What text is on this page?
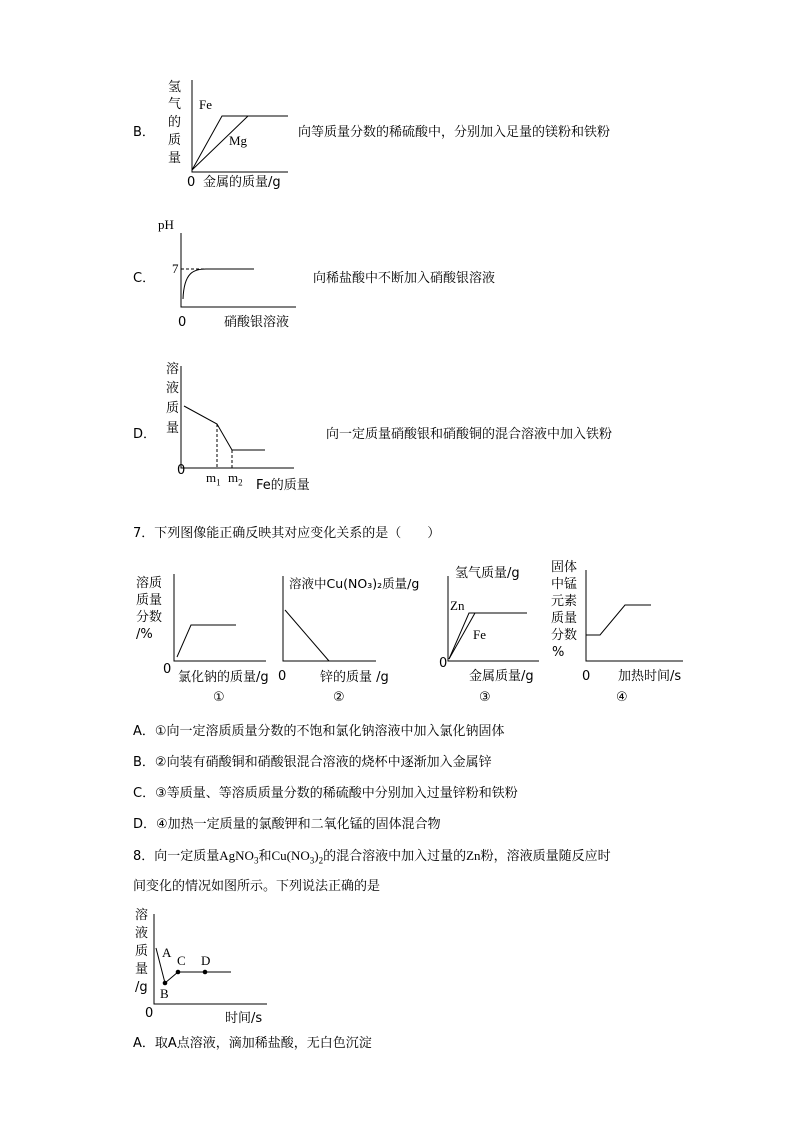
B．
氢
气
的
质
量
Fe
Mg
0 金属的质量/g
向等质量分数的稀硫酸中，分别加入足量的镁粉和铁粉
C．
pH
7
0	硝酸银溶液
向稀盐酸中不断加入硝酸银溶液
D．
溶
液
质
量
0 $m_1$ $m_2$ Fe的质量
向一定质量硝酸银和硝酸铜的混合溶液中加入铁粉
7．下列图像能正确反映其对应变化关系的是（　　）
溶质
质量
分数
/%
0
氯化钠的质量/g
①
溶液中Cu(NO₃)₂质量/g
0	锌的质量 /g
②
氢气质量/g
Zn
Fe
0
金属质量/g
③
固体
中锰
元素
质量
分数
%
0 加热时间/s
④
A．①向一定溶质质量分数的不饱和氯化钠溶液中加入氯化钠固体
B．②向装有硝酸铜和硝酸银混合溶液的烧杯中逐渐加入金属锌
C．③等质量、等溶质质量分数的稀硫酸中分别加入过量锌粉和铁粉
D．④加热一定质量的氯酸钾和二氧化锰的固体混合物
8．向一定质量AgNO$_3$和$Cu(NO_3)_2$的混合溶液中加入过量的Zn粉，溶液质量随反应时
间变化的情况如图所示。下列说法正确的是
溶
液
质
量
/g
A
B
C D
0	时间/s
A．取A点溶液，滴加稀盐酸，无白色沉淀
